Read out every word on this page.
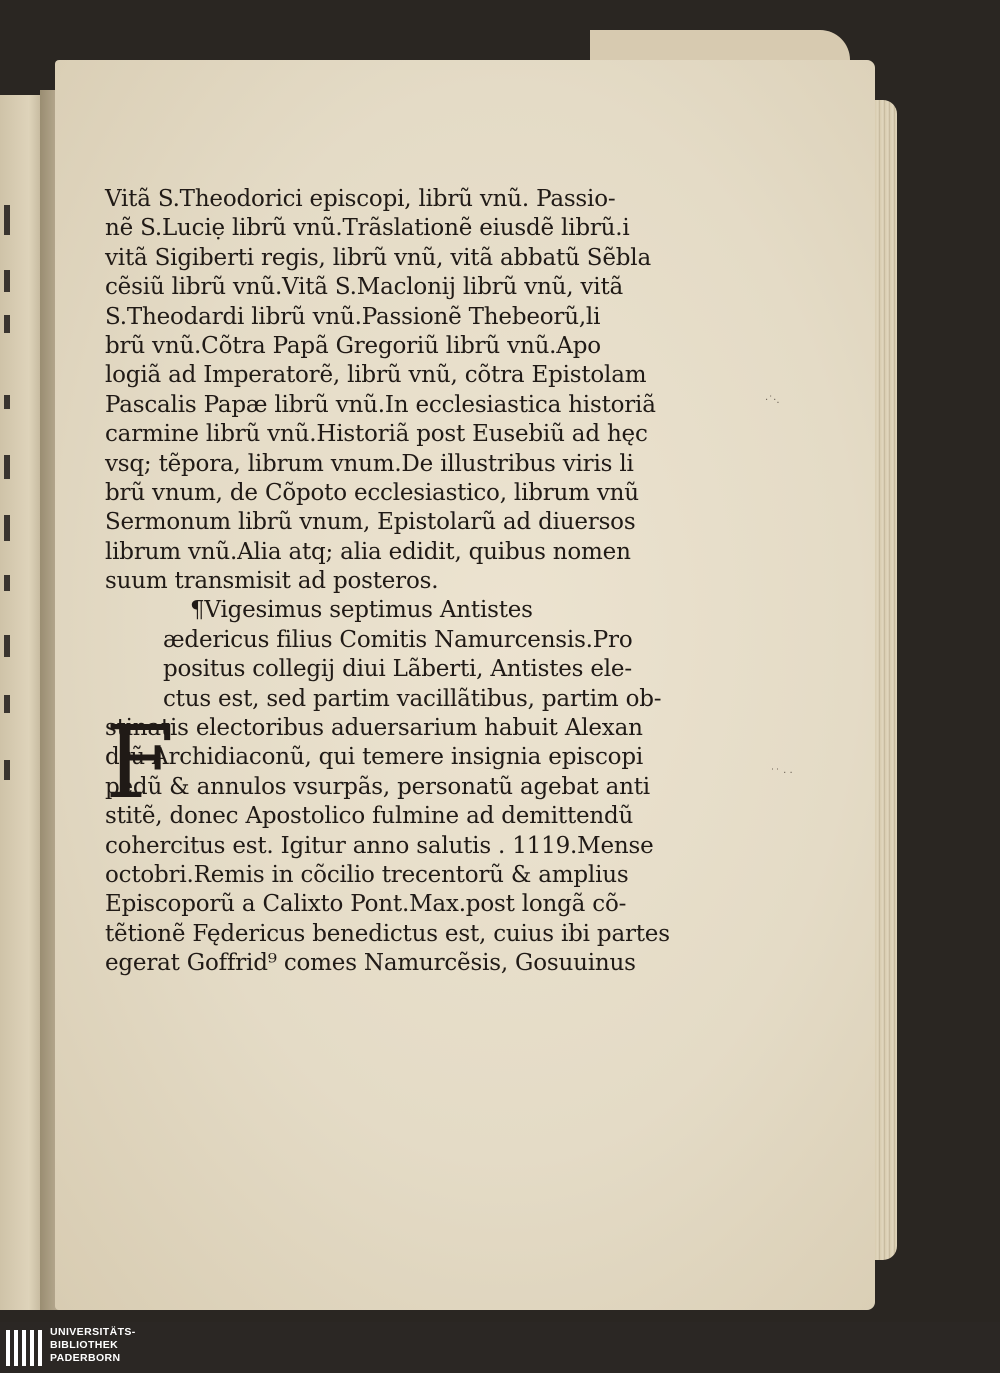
Vitã S.Theodorici episcopi, librũ vnũ. Passio-
nẽ S.Luciẹ librũ vnũ.Trãslationẽ eiusdẽ librũ.i
vitã Sigiberti regis, librũ vnũ, vitã abbatũ Sẽbla
cẽsiũ librũ vnũ.Vitã S.Maclonij librũ vnũ, vitã
S.Theodardi librũ vnũ.Passionẽ Thebeorũ,li
brũ vnũ.Cõtra Papã Gregoriũ librũ vnũ.Apo
logiã ad Imperatorẽ, librũ vnũ, cõtra Epistolam
Pascalis Papæ librũ vnũ.In ecclesiastica historiã
carmine librũ vnũ.Historiã post Eusebiũ ad hęc
vsq; tẽpora, librum vnum.De illustribus viris li
brũ vnum, de Cõpoto ecclesiastico, librum vnũ
Sermonum librũ vnum, Epistolarũ ad diuersos
librum vnũ.Alia atq; alia edidit, quibus nomen
suum transmisit ad posteros.
¶Vigesimus septimus Antistes
ædericus filius Comitis Namurcensis.Pro
positus collegij diui Lãberti, Antistes ele-
ctus est, sed partim vacillãtibus, partim ob-
stinatis electoribus aduersarium habuit Alexan
drũ Archidiaconũ, qui temere insignia episcopi
pedũ & annulos vsurpãs, personatũ agebat anti
stitẽ, donec Apostolico fulmine ad demittendũ
cohercitus est. Igitur anno salutis . 1119.Mense
octobri.Remis in cõcilio trecentorũ & amplius
Episcoporũ a Calixto Pont.Max.post longã cõ-
tẽtionẽ Fędericus benedictus est, cuius ibi partes
egerat Goffrid⁹ comes Namurcẽsis, Gosuuinus
F
·˙·.
˙˙ · ·
UNIVERSITÄTS-
BIBLIOTHEK
PADERBORN
